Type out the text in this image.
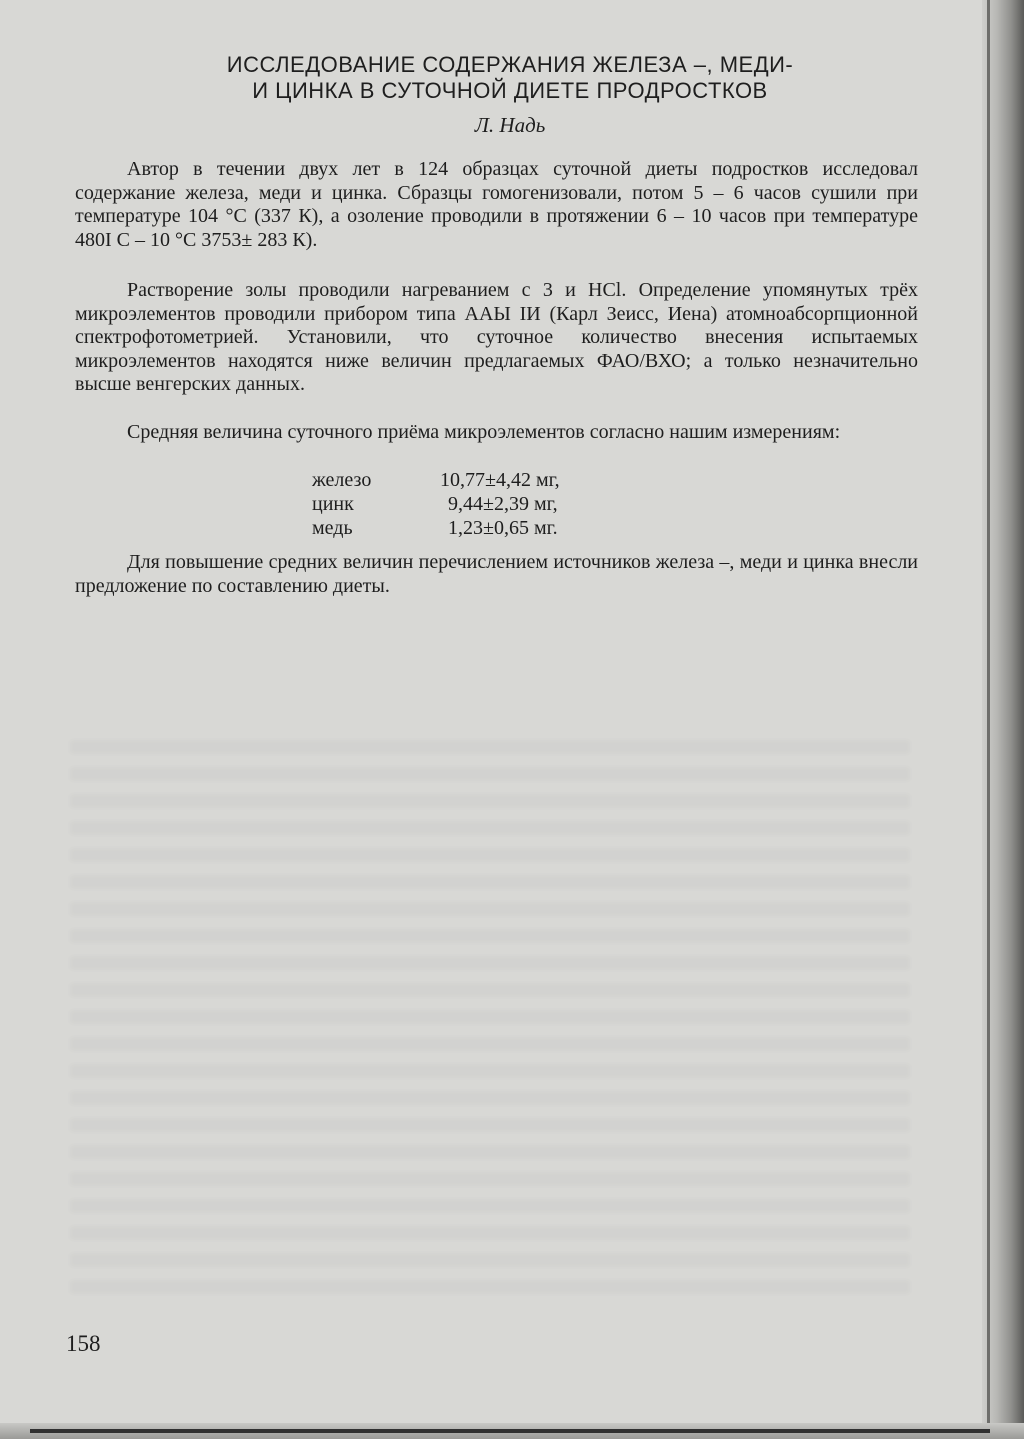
ИССЛЕДОВАНИЕ СОДЕРЖАНИЯ ЖЕЛЕЗА –, МЕДИ-
И ЦИНКА В СУТОЧНОЙ ДИЕТЕ ПРОДРОСТКОВ
Л. Надь

Автор в течении двух лет в 124 образцах суточной диеты подростков исследовал содержание железа, меди и цинка. Сбразцы гомогенизовали, потом 5 – 6 часов сушили при температуре 104 °С (337 К), а озоление проводили в протяжении 6 – 10 часов при температуре 480I С – 10 °С 3753± 283 К).

Растворение золы проводили нагреванием с 3 и НСl. Определение упомянутых трёх микроэлементов проводили прибором типа ААЫ ІИ (Карл Зеисс, Иена) атомноабсорпционной спектрофотометрией. Установили, что суточное количество внесения испытаемых микроэлементов находятся ниже величин предлагаемых ФАО/ВХО; а только незначительно высше венгерских данных.

Средняя величина суточного приёма микроэлементов согласно нашим измерениям:

железо	10,77±4,42 мг,
цинк	9,44±2,39 мг,
медь	1,23±0,65 мг.

Для повышение средних величин перечислением источников железа –, меди и цинка внесли предложение по составлению диеты.

158
